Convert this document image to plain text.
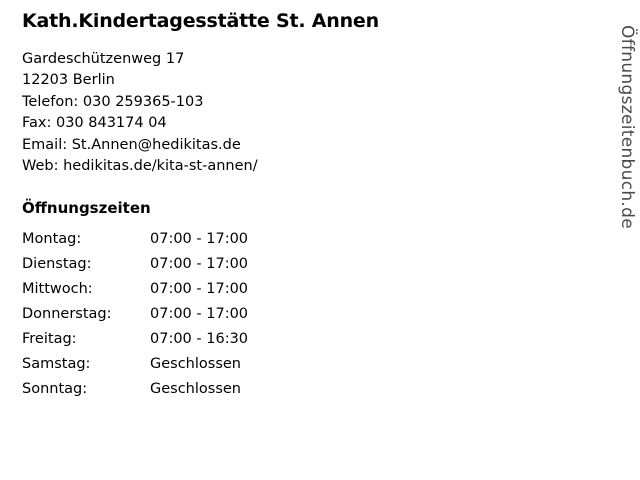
Kath.Kindertagesstätte St. Annen
Gardeschützenweg 17
12203 Berlin
Telefon: 030 259365-103
Fax: 030 843174 04
Email: St.Annen@hedikitas.de
Web: hedikitas.de/kita-st-annen/
Öffnungszeiten
Montag:	07:00 - 17:00
Dienstag:	07:00 - 17:00
Mittwoch:	07:00 - 17:00
Donnerstag:	07:00 - 17:00
Freitag:	07:00 - 16:30
Samstag:	Geschlossen
Sonntag:	Geschlossen
Öffnungszeitenbuch.de
